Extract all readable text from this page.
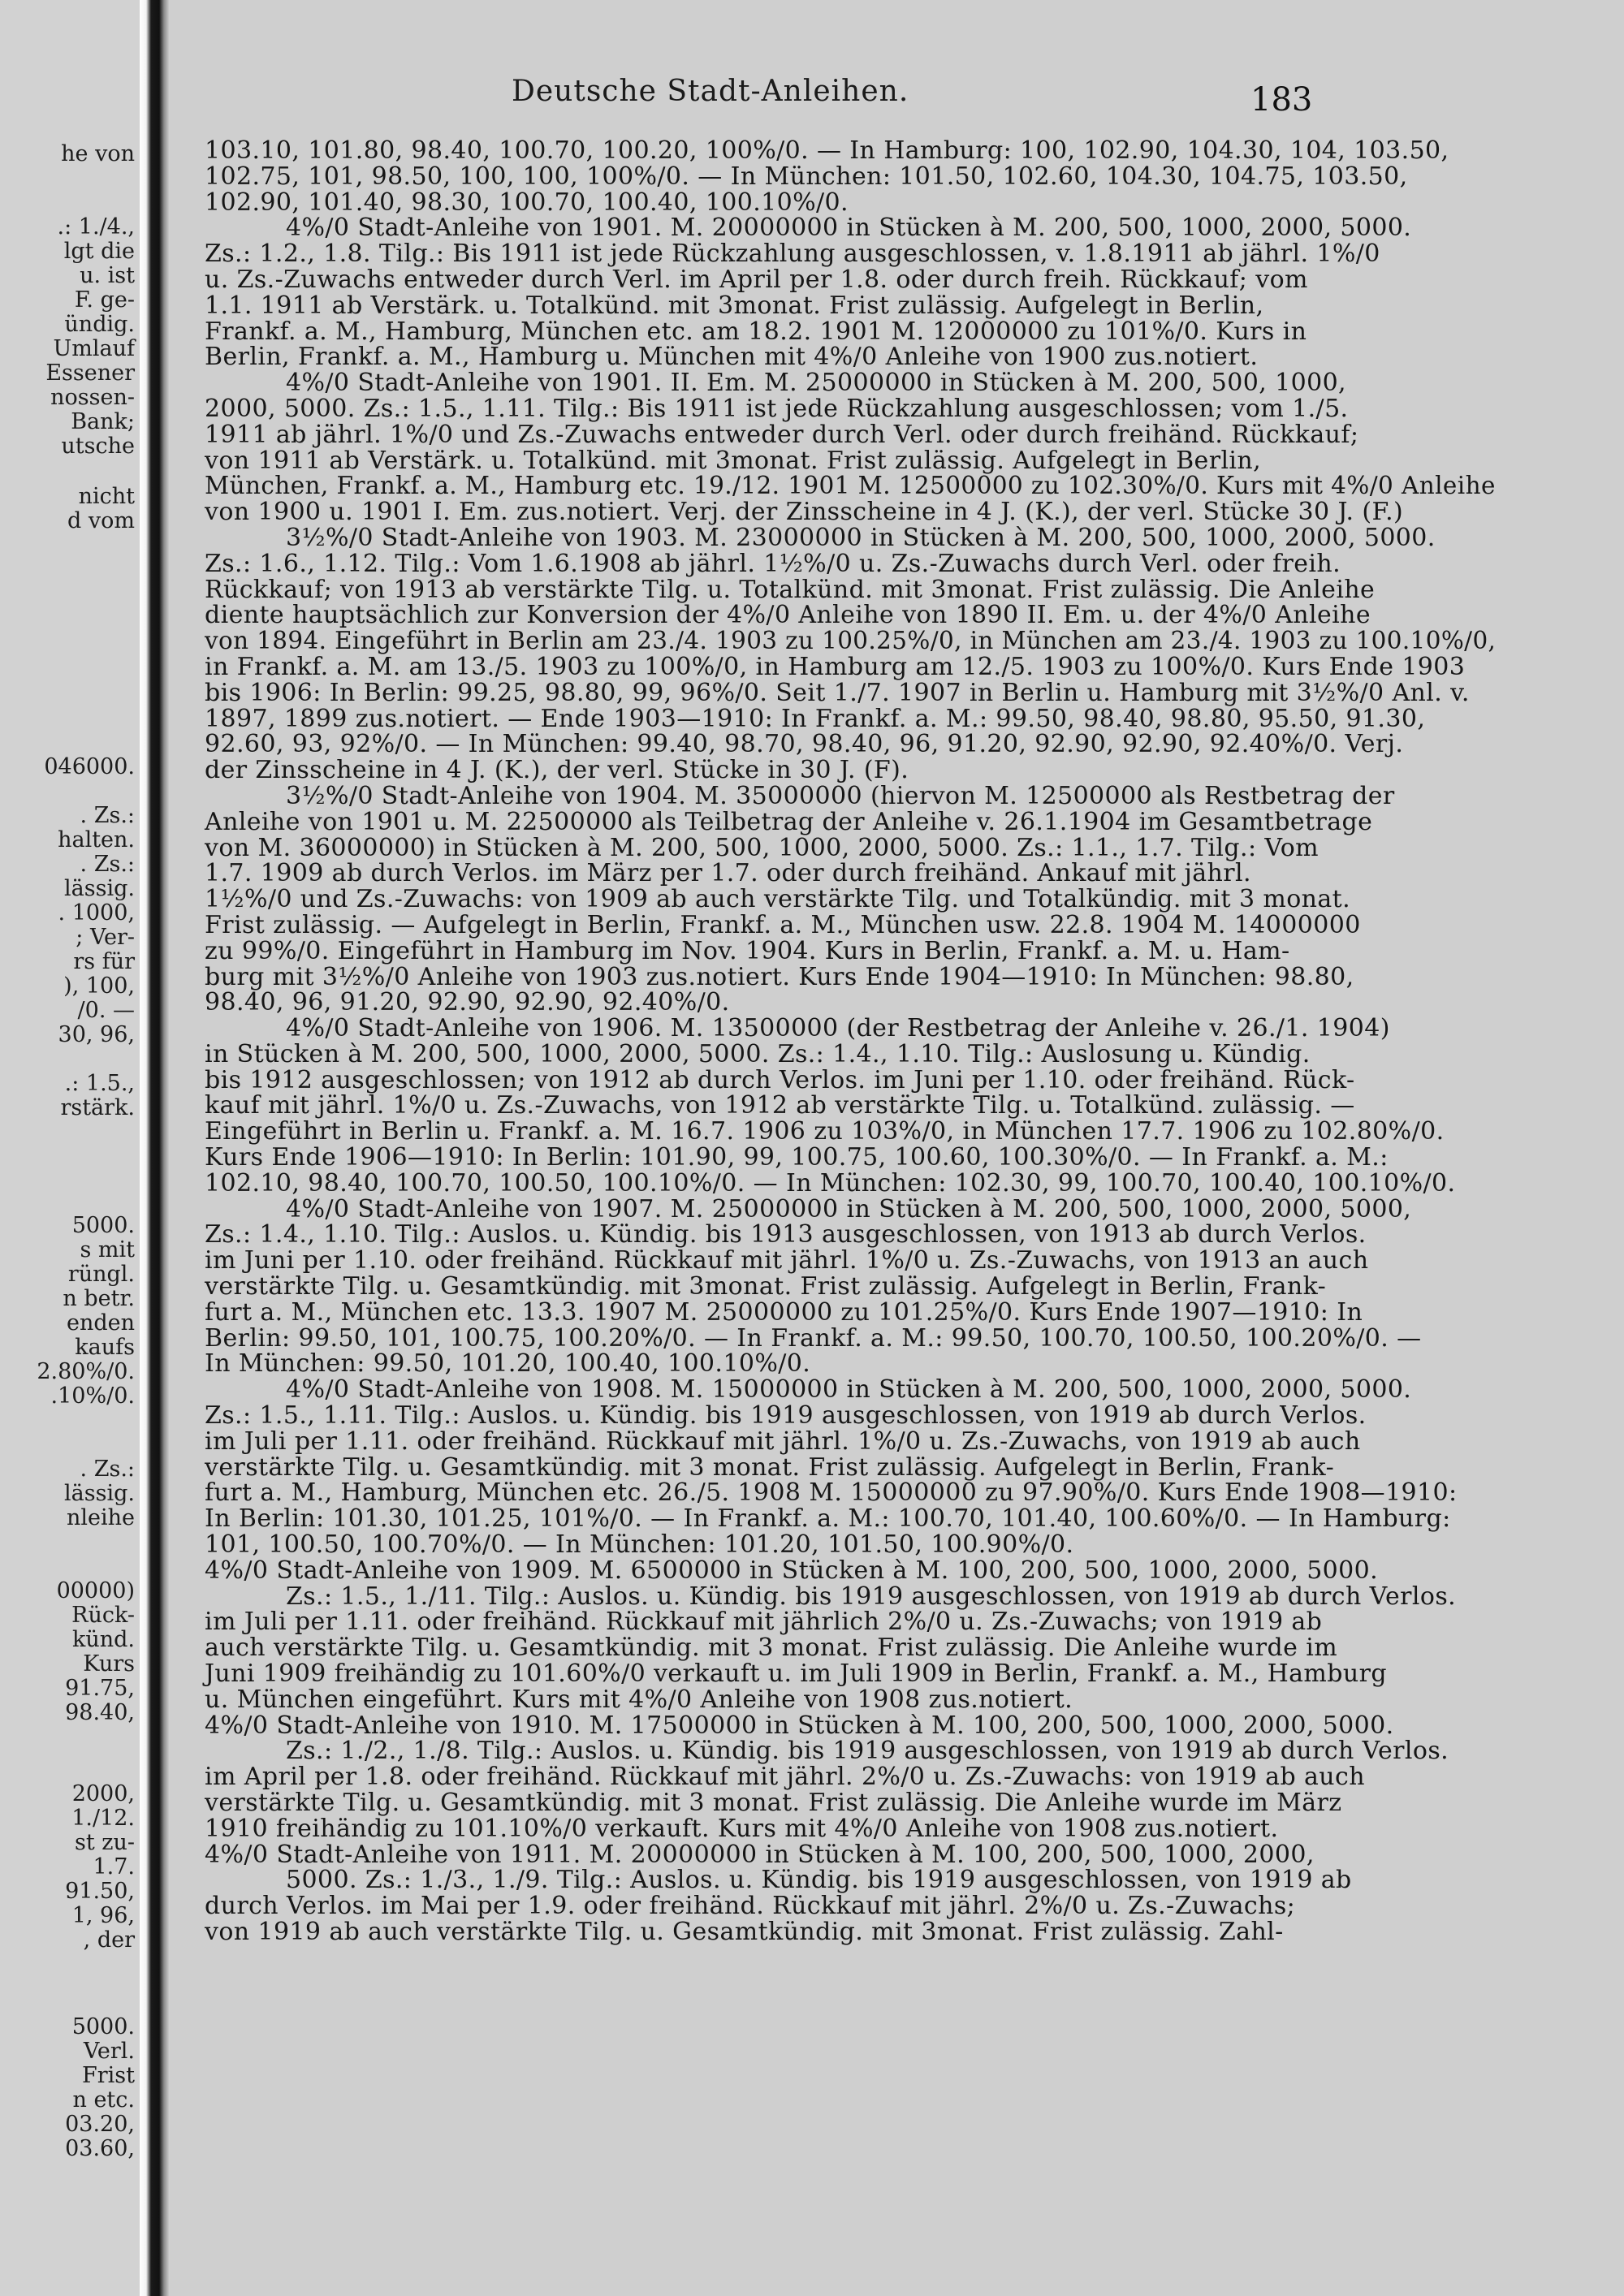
he von
.: 1./4.,
lgt die
u. ist
F. ge-
ündig.
Umlauf
Essener
nossen-
Bank;
utsche
nicht
d vom
046000.
. Zs.:
halten.
. Zs.:
lässig.
. 1000,
; Ver-
rs für
), 100,
/0. —
30, 96,
.: 1.5.,
rstärk.
5000.
s mit
rüngl.
n betr.
enden
kaufs
2.80%/0.
.10%/0.
. Zs.:
lässig.
nleihe
00000)
Rück-
künd.
Kurs
91.75,
98.40,
2000,
1./12.
st zu-
1.7.
91.50,
1, 96,
, der
5000.
Verl.
Frist
n etc.
03.20,
03.60,
Deutsche Stadt-Anleihen.	183
103.10, 101.80, 98.40, 100.70, 100.20, 100%/0. — In Hamburg: 100, 102.90, 104.30, 104, 103.50,
102.75, 101, 98.50, 100, 100, 100%/0. — In München: 101.50, 102.60, 104.30, 104.75, 103.50,
102.90, 101.40, 98.30, 100.70, 100.40, 100.10%/0.
4%/0 Stadt-Anleihe von 1901. M. 20000000 in Stücken à M. 200, 500, 1000, 2000, 5000.
Zs.: 1.2., 1.8. Tilg.: Bis 1911 ist jede Rückzahlung ausgeschlossen, v. 1.8.1911 ab jährl. 1%/0
u. Zs.-Zuwachs entweder durch Verl. im April per 1.8. oder durch freih. Rückkauf; vom
1.1. 1911 ab Verstärk. u. Totalkünd. mit 3monat. Frist zulässig. Aufgelegt in Berlin,
Frankf. a. M., Hamburg, München etc. am 18.2. 1901 M. 12000000 zu 101%/0. Kurs in
Berlin, Frankf. a. M., Hamburg u. München mit 4%/0 Anleihe von 1900 zus.notiert.
4%/0 Stadt-Anleihe von 1901. II. Em. M. 25000000 in Stücken à M. 200, 500, 1000,
2000, 5000. Zs.: 1.5., 1.11. Tilg.: Bis 1911 ist jede Rückzahlung ausgeschlossen; vom 1./5.
1911 ab jährl. 1%/0 und Zs.-Zuwachs entweder durch Verl. oder durch freihänd. Rückkauf;
von 1911 ab Verstärk. u. Totalkünd. mit 3monat. Frist zulässig. Aufgelegt in Berlin,
München, Frankf. a. M., Hamburg etc. 19./12. 1901 M. 12500000 zu 102.30%/0. Kurs mit 4%/0 Anleihe
von 1900 u. 1901 I. Em. zus.notiert. Verj. der Zinsscheine in 4 J. (K.), der verl. Stücke 30 J. (F.)
3½%/0 Stadt-Anleihe von 1903. M. 23000000 in Stücken à M. 200, 500, 1000, 2000, 5000.
Zs.: 1.6., 1.12. Tilg.: Vom 1.6.1908 ab jährl. 1½%/0 u. Zs.-Zuwachs durch Verl. oder freih.
Rückkauf; von 1913 ab verstärkte Tilg. u. Totalkünd. mit 3monat. Frist zulässig. Die Anleihe
diente hauptsächlich zur Konversion der 4%/0 Anleihe von 1890 II. Em. u. der 4%/0 Anleihe
von 1894. Eingeführt in Berlin am 23./4. 1903 zu 100.25%/0, in München am 23./4. 1903 zu 100.10%/0,
in Frankf. a. M. am 13./5. 1903 zu 100%/0, in Hamburg am 12./5. 1903 zu 100%/0. Kurs Ende 1903
bis 1906: In Berlin: 99.25, 98.80, 99, 96%/0. Seit 1./7. 1907 in Berlin u. Hamburg mit 3½%/0 Anl. v.
1897, 1899 zus.notiert. — Ende 1903—1910: In Frankf. a. M.: 99.50, 98.40, 98.80, 95.50, 91.30,
92.60, 93, 92%/0. — In München: 99.40, 98.70, 98.40, 96, 91.20, 92.90, 92.90, 92.40%/0. Verj.
der Zinsscheine in 4 J. (K.), der verl. Stücke in 30 J. (F).
3½%/0 Stadt-Anleihe von 1904. M. 35000000 (hiervon M. 12500000 als Restbetrag der
Anleihe von 1901 u. M. 22500000 als Teilbetrag der Anleihe v. 26.1.1904 im Gesamtbetrage
von M. 36000000) in Stücken à M. 200, 500, 1000, 2000, 5000. Zs.: 1.1., 1.7. Tilg.: Vom
1.7. 1909 ab durch Verlos. im März per 1.7. oder durch freihänd. Ankauf mit jährl.
1½%/0 und Zs.-Zuwachs: von 1909 ab auch verstärkte Tilg. und Totalkündig. mit 3 monat.
Frist zulässig. — Aufgelegt in Berlin, Frankf. a. M., München usw. 22.8. 1904 M. 14000000
zu 99%/0. Eingeführt in Hamburg im Nov. 1904. Kurs in Berlin, Frankf. a. M. u. Ham-
burg mit 3½%/0 Anleihe von 1903 zus.notiert. Kurs Ende 1904—1910: In München: 98.80,
98.40, 96, 91.20, 92.90, 92.90, 92.40%/0.
4%/0 Stadt-Anleihe von 1906. M. 13500000 (der Restbetrag der Anleihe v. 26./1. 1904)
in Stücken à M. 200, 500, 1000, 2000, 5000. Zs.: 1.4., 1.10. Tilg.: Auslosung u. Kündig.
bis 1912 ausgeschlossen; von 1912 ab durch Verlos. im Juni per 1.10. oder freihänd. Rück-
kauf mit jährl. 1%/0 u. Zs.-Zuwachs, von 1912 ab verstärkte Tilg. u. Totalkünd. zulässig. —
Eingeführt in Berlin u. Frankf. a. M. 16.7. 1906 zu 103%/0, in München 17.7. 1906 zu 102.80%/0.
Kurs Ende 1906—1910: In Berlin: 101.90, 99, 100.75, 100.60, 100.30%/0. — In Frankf. a. M.:
102.10, 98.40, 100.70, 100.50, 100.10%/0. — In München: 102.30, 99, 100.70, 100.40, 100.10%/0.
4%/0 Stadt-Anleihe von 1907. M. 25000000 in Stücken à M. 200, 500, 1000, 2000, 5000,
Zs.: 1.4., 1.10. Tilg.: Auslos. u. Kündig. bis 1913 ausgeschlossen, von 1913 ab durch Verlos.
im Juni per 1.10. oder freihänd. Rückkauf mit jährl. 1%/0 u. Zs.-Zuwachs, von 1913 an auch
verstärkte Tilg. u. Gesamtkündig. mit 3monat. Frist zulässig. Aufgelegt in Berlin, Frank-
furt a. M., München etc. 13.3. 1907 M. 25000000 zu 101.25%/0. Kurs Ende 1907—1910: In
Berlin: 99.50, 101, 100.75, 100.20%/0. — In Frankf. a. M.: 99.50, 100.70, 100.50, 100.20%/0. —
In München: 99.50, 101.20, 100.40, 100.10%/0.
4%/0 Stadt-Anleihe von 1908. M. 15000000 in Stücken à M. 200, 500, 1000, 2000, 5000.
Zs.: 1.5., 1.11. Tilg.: Auslos. u. Kündig. bis 1919 ausgeschlossen, von 1919 ab durch Verlos.
im Juli per 1.11. oder freihänd. Rückkauf mit jährl. 1%/0 u. Zs.-Zuwachs, von 1919 ab auch
verstärkte Tilg. u. Gesamtkündig. mit 3 monat. Frist zulässig. Aufgelegt in Berlin, Frank-
furt a. M., Hamburg, München etc. 26./5. 1908 M. 15000000 zu 97.90%/0. Kurs Ende 1908—1910:
In Berlin: 101.30, 101.25, 101%/0. — In Frankf. a. M.: 100.70, 101.40, 100.60%/0. — In Hamburg:
101, 100.50, 100.70%/0. — In München: 101.20, 101.50, 100.90%/0.
4%/0 Stadt-Anleihe von 1909. M. 6500000 in Stücken à M. 100, 200, 500, 1000, 2000, 5000.
Zs.: 1.5., 1./11. Tilg.: Auslos. u. Kündig. bis 1919 ausgeschlossen, von 1919 ab durch Verlos.
im Juli per 1.11. oder freihänd. Rückkauf mit jährlich 2%/0 u. Zs.-Zuwachs; von 1919 ab
auch verstärkte Tilg. u. Gesamtkündig. mit 3 monat. Frist zulässig. Die Anleihe wurde im
Juni 1909 freihändig zu 101.60%/0 verkauft u. im Juli 1909 in Berlin, Frankf. a. M., Hamburg
u. München eingeführt. Kurs mit 4%/0 Anleihe von 1908 zus.notiert.
4%/0 Stadt-Anleihe von 1910. M. 17500000 in Stücken à M. 100, 200, 500, 1000, 2000, 5000.
Zs.: 1./2., 1./8. Tilg.: Auslos. u. Kündig. bis 1919 ausgeschlossen, von 1919 ab durch Verlos.
im April per 1.8. oder freihänd. Rückkauf mit jährl. 2%/0 u. Zs.-Zuwachs: von 1919 ab auch
verstärkte Tilg. u. Gesamtkündig. mit 3 monat. Frist zulässig. Die Anleihe wurde im März
1910 freihändig zu 101.10%/0 verkauft. Kurs mit 4%/0 Anleihe von 1908 zus.notiert.
4%/0 Stadt-Anleihe von 1911. M. 20000000 in Stücken à M. 100, 200, 500, 1000, 2000,
5000. Zs.: 1./3., 1./9. Tilg.: Auslos. u. Kündig. bis 1919 ausgeschlossen, von 1919 ab
durch Verlos. im Mai per 1.9. oder freihänd. Rückkauf mit jährl. 2%/0 u. Zs.-Zuwachs;
von 1919 ab auch verstärkte Tilg. u. Gesamtkündig. mit 3monat. Frist zulässig. Zahl-
